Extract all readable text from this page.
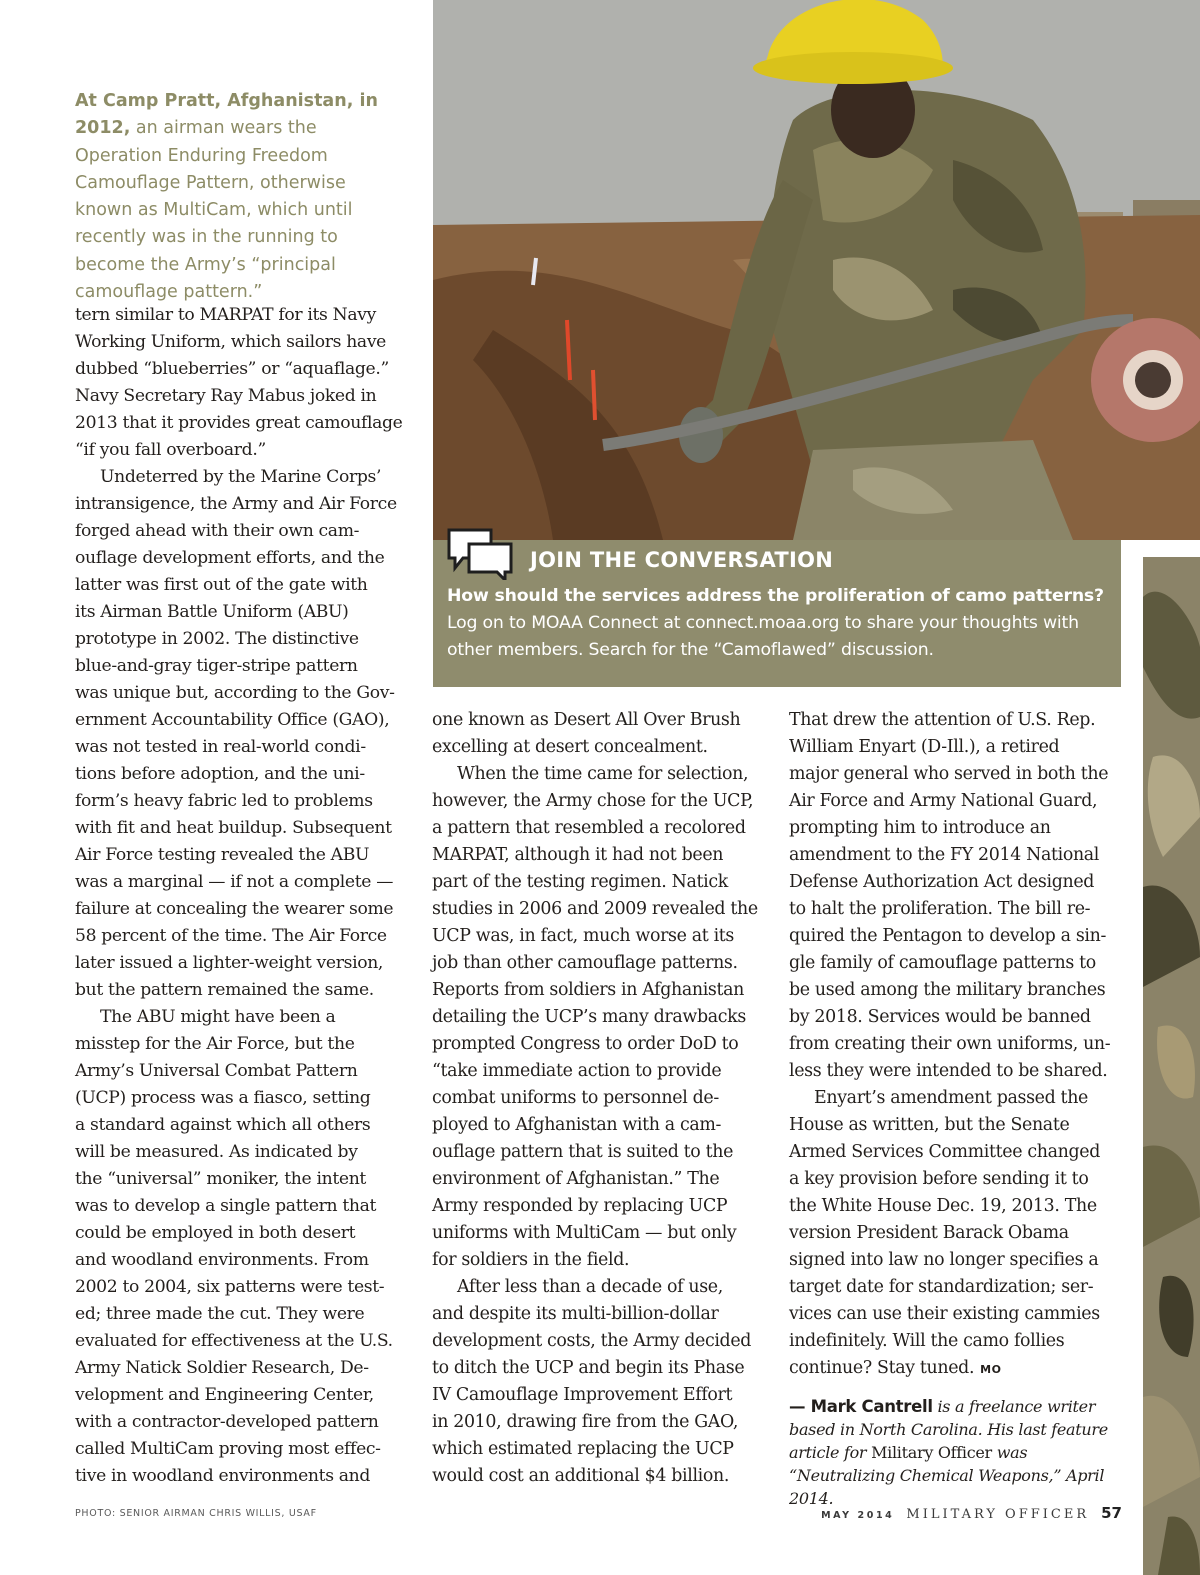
At Camp Pratt, Afghanistan, in 2012, an airman wears the Operation Enduring Freedom Camouflage Pattern, otherwise known as MultiCam, which until recently was in the running to become the Army’s “principal camouflage pattern.”

tern similar to MARPAT for its Navy
Working Uniform, which sailors have
dubbed “blueberries” or “aquaflage.”
Navy Secretary Ray Mabus joked in
2013 that it provides great camouflage
“if you fall overboard.”

Undeterred by the Marine Corps’
intransigence, the Army and Air Force
forged ahead with their own cam-
ouflage development efforts, and the
latter was first out of the gate with
its Airman Battle Uniform (ABU)
prototype in 2002. The distinctive
blue-and-gray tiger-stripe pattern
was unique but, according to the Gov-
ernment Accountability Office (GAO),
was not tested in real-world condi-
tions before adoption, and the uni-
form’s heavy fabric led to problems
with fit and heat buildup. Subsequent
Air Force testing revealed the ABU
was a marginal — if not a complete —
failure at concealing the wearer some
58 percent of the time. The Air Force
later issued a lighter-weight version,
but the pattern remained the same.

The ABU might have been a
misstep for the Air Force, but the
Army’s Universal Combat Pattern
(UCP) process was a fiasco, setting
a standard against which all others
will be measured. As indicated by
the “universal” moniker, the intent
was to develop a single pattern that
could be employed in both desert
and woodland environments. From
2002 to 2004, six patterns were test-
ed; three made the cut. They were
evaluated for effectiveness at the U.S.
Army Natick Soldier Research, De-
velopment and Engineering Center,
with a contractor-developed pattern
called MultiCam proving most effec-
tive in woodland environments and

JOIN THE CONVERSATION
How should the services address the proliferation of camo patterns? Log on to MOAA Connect at connect.moaa.org to share your thoughts with other members. Search for the “Camoflawed” discussion.

one known as Desert All Over Brush
excelling at desert concealment.

When the time came for selection,
however, the Army chose for the UCP,
a pattern that resembled a recolored
MARPAT, although it had not been
part of the testing regimen. Natick
studies in 2006 and 2009 revealed the
UCP was, in fact, much worse at its
job than other camouflage patterns.
Reports from soldiers in Afghanistan
detailing the UCP’s many drawbacks
prompted Congress to order DoD to
“take immediate action to provide
combat uniforms to personnel de-
ployed to Afghanistan with a cam-
ouflage pattern that is suited to the
environment of Afghanistan.” The
Army responded by replacing UCP
uniforms with MultiCam — but only
for soldiers in the field.

After less than a decade of use,
and despite its multi-billion-dollar
development costs, the Army decided
to ditch the UCP and begin its Phase
IV Camouflage Improvement Effort
in 2010, drawing fire from the GAO,
which estimated replacing the UCP
would cost an additional $4 billion.

That drew the attention of U.S. Rep.
William Enyart (D-Ill.), a retired
major general who served in both the
Air Force and Army National Guard,
prompting him to introduce an
amendment to the FY 2014 National
Defense Authorization Act designed
to halt the proliferation. The bill re-
quired the Pentagon to develop a sin-
gle family of camouflage patterns to
be used among the military branches
by 2018. Services would be banned
from creating their own uniforms, un-
less they were intended to be shared.

Enyart’s amendment passed the
House as written, but the Senate
Armed Services Committee changed
a key provision before sending it to
the White House Dec. 19, 2013. The
version President Barack Obama
signed into law no longer specifies a
target date for standardization; ser-
vices can use their existing cammies
indefinitely. Will the camo follies
continue? Stay tuned. MO

— Mark Cantrell is a freelance writer based in North Carolina. His last feature article for Military Officer was “Neutralizing Chemical Weapons,” April 2014.
PHOTO: SENIOR AIRMAN CHRIS WILLIS, USAF	MAY 2014 MILITARY OFFICER 57
